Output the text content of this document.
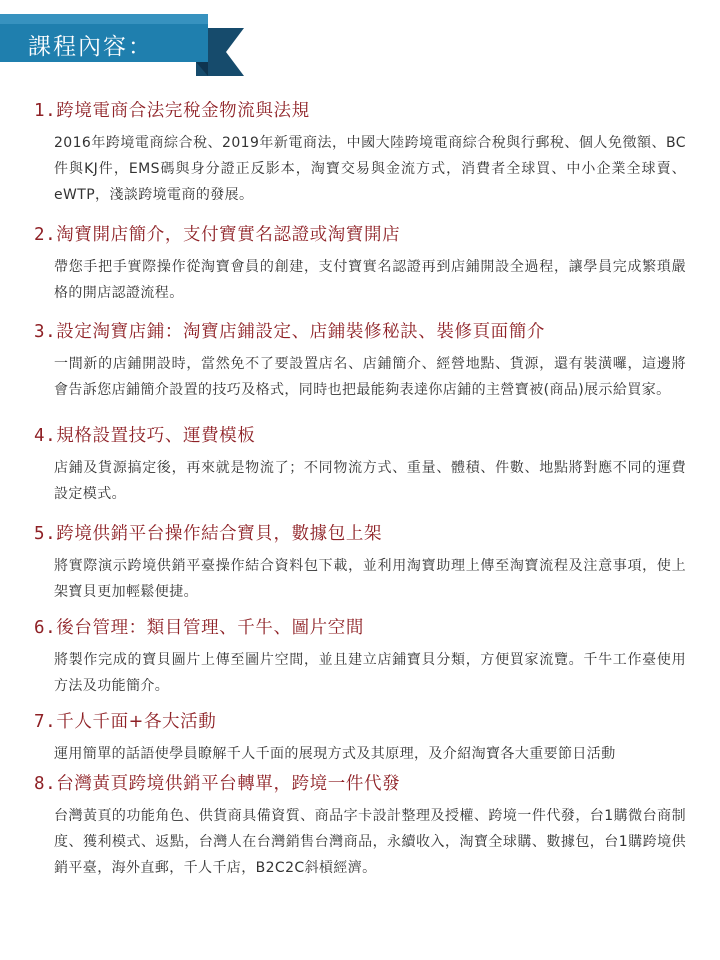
課程內容：
1.跨境電商合法完稅金物流與法規
2016年跨境電商綜合稅、2019年新電商法，中國大陸跨境電商綜合稅與行郵稅、個人免徵額、BC件與KJ件，EMS碼與身分證正反影本，淘寶交易與金流方式，消費者全球買、中小企業全球賣、eWTP，淺談跨境電商的發展。
2.淘寶開店簡介，支付寶實名認證或淘寶開店
帶您手把手實際操作從淘寶會員的創建，支付寶實名認證再到店鋪開設全過程，讓學員完成繁瑣嚴格的開店認證流程。
3.設定淘寶店鋪：淘寶店鋪設定、店鋪裝修秘訣、裝修頁面簡介
一間新的店鋪開設時，當然免不了要設置店名、店鋪簡介、經營地點、貨源，還有裝潢囉，這邊將會告訴您店鋪簡介設置的技巧及格式，同時也把最能夠表達你店鋪的主營寶被(商品)展示給買家。
4.規格設置技巧、運費模板
店鋪及貨源搞定後，再來就是物流了；不同物流方式、重量、體積、件數、地點將對應不同的運費設定模式。
5.跨境供銷平台操作結合寶貝，數據包上架
將實際演示跨境供銷平臺操作結合資料包下載，並利用淘寶助理上傳至淘寶流程及注意事項，使上架寶貝更加輕鬆便捷。
6.後台管理：類目管理、千牛、圖片空間
將製作完成的寶貝圖片上傳至圖片空間，並且建立店鋪寶貝分類，方便買家流覽。千牛工作臺使用方法及功能簡介。
7.千人千面+各大活動
運用簡單的話語使學員瞭解千人千面的展現方式及其原理，及介紹淘寶各大重要節日活動
8.台灣黃頁跨境供銷平台轉單，跨境一件代發
台灣黃頁的功能角色、供貨商具備資質、商品字卡設計整理及授權、跨境一件代發，台1購微台商制度、獲利模式、返點，台灣人在台灣銷售台灣商品，永續收入，淘寶全球購、數據包，台1購跨境供銷平臺，海外直郵，千人千店，B2C2C斜槓經濟。
